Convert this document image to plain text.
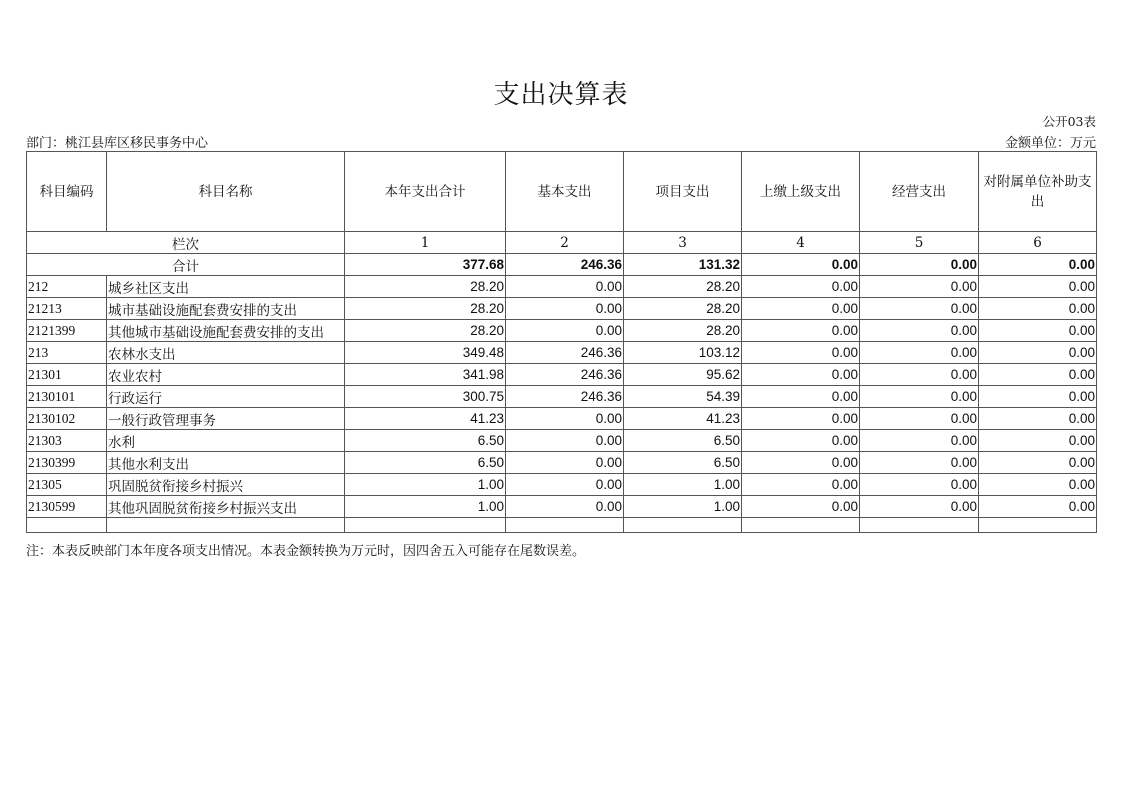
支出决算表
公开03表
部门：桃江县库区移民事务中心	金额单位：万元
科目编码	科目名称	本年支出合计	基本支出	项目支出	上缴上级支出	经营支出	对附属单位补助支出
栏次		1	2	3	4	5	6
合计		377.68	246.36	131.32	0.00	0.00	0.00
212	城乡社区支出	28.20	0.00	28.20	0.00	0.00	0.00
21213	城市基础设施配套费安排的支出	28.20	0.00	28.20	0.00	0.00	0.00
2121399	其他城市基础设施配套费安排的支出	28.20	0.00	28.20	0.00	0.00	0.00
213	农林水支出	349.48	246.36	103.12	0.00	0.00	0.00
21301	农业农村	341.98	246.36	95.62	0.00	0.00	0.00
2130101	行政运行	300.75	246.36	54.39	0.00	0.00	0.00
2130102	一般行政管理事务	41.23	0.00	41.23	0.00	0.00	0.00
21303	水利	6.50	0.00	6.50	0.00	0.00	0.00
2130399	其他水利支出	6.50	0.00	6.50	0.00	0.00	0.00
21305	巩固脱贫衔接乡村振兴	1.00	0.00	1.00	0.00	0.00	0.00
2130599	其他巩固脱贫衔接乡村振兴支出	1.00	0.00	1.00	0.00	0.00	0.00

注：本表反映部门本年度各项支出情况。本表金额转换为万元时，因四舍五入可能存在尾数误差。
